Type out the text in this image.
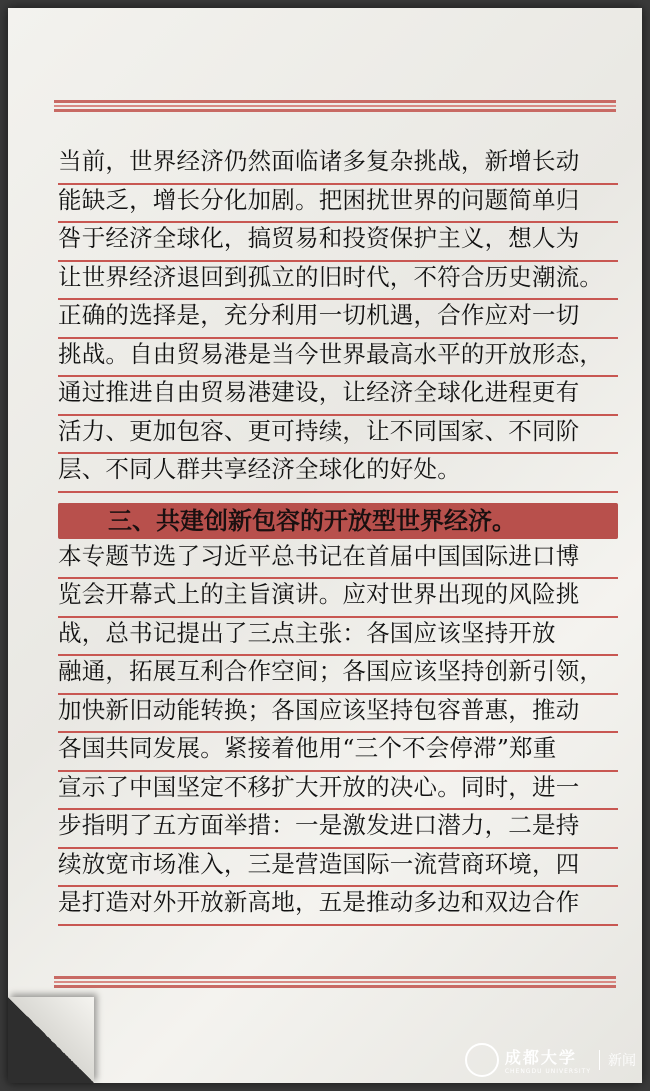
当前，世界经济仍然面临诸多复杂挑战，新增长动
能缺乏，增长分化加剧。把困扰世界的问题简单归
咎于经济全球化，搞贸易和投资保护主义，想人为
让世界经济退回到孤立的旧时代，不符合历史潮流。
正确的选择是，充分利用一切机遇，合作应对一切
挑战。自由贸易港是当今世界最高水平的开放形态，
通过推进自由贸易港建设，让经济全球化进程更有
活力、更加包容、更可持续，让不同国家、不同阶
层、不同人群共享经济全球化的好处。
三、共建创新包容的开放型世界经济。
本专题节选了习近平总书记在首届中国国际进口博
览会开幕式上的主旨演讲。应对世界出现的风险挑
战，总书记提出了三点主张：各国应该坚持开放
融通，拓展互利合作空间；各国应该坚持创新引领，
加快新旧动能转换；各国应该坚持包容普惠，推动
各国共同发展。紧接着他用“三个不会停滞”郑重
宣示了中国坚定不移扩大开放的决心。同时，进一
步指明了五方面举措：一是激发进口潜力，二是持
续放宽市场准入，三是营造国际一流营商环境，四
是打造对外开放新高地，五是推动多边和双边合作
成都大学
CHENGDU UNIVERSITY
新闻
